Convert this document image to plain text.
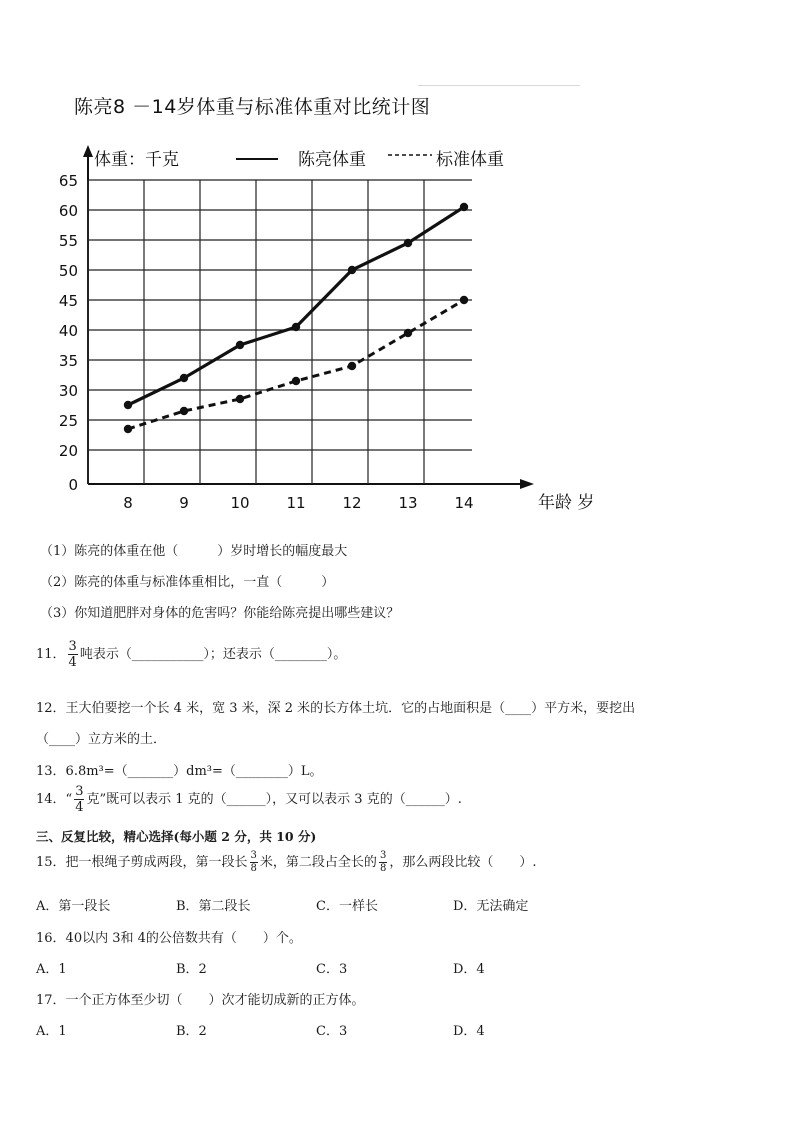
陈亮8 －14岁体重与标准体重对比统计图
20
25
30
35
40
45
50
55
60
65
0
8	9	10 11 12 13 14	年龄 岁
体重：千克	陈亮体重	标准体重
（1）陈亮的体重在他（　　　）岁时增长的幅度最大
（2）陈亮的体重与标准体重相比，一直（　　　）
（3）你知道肥胖对身体的危害吗？你能给陈亮提出哪些建议？
11． $\frac{3}{4}$ 吨表示（___________）；还表示（________）。
12．王大伯要挖一个长 4 米，宽 3 米，深 2 米的长方体土坑．它的占地面积是（____）平方米，要挖出
（____）立方米的土．
13．6.8m³=（_______）dm³=（________）L。
14．“ $\frac{3}{4}$ 克”既可以表示 1 克的（______），又可以表示 3 克的（______）.
三、反复比较，精心选择(每小题 2 分，共 10 分)
15．把一根绳子剪成两段，第一段长 $\frac{3}{8}$ 米，第二段占全长的 $\frac{3}{8}$ ，那么两段比较（　　）.
A．第一段长	B．第二段长	C．一样长	D．无法确定
16．40以内 3和 4的公倍数共有（　　）个。
A．1	B．2	C．3	D．4
17．一个正方体至少切（　　）次才能切成新的正方体。
A．1	B．2	C．3	D．4
